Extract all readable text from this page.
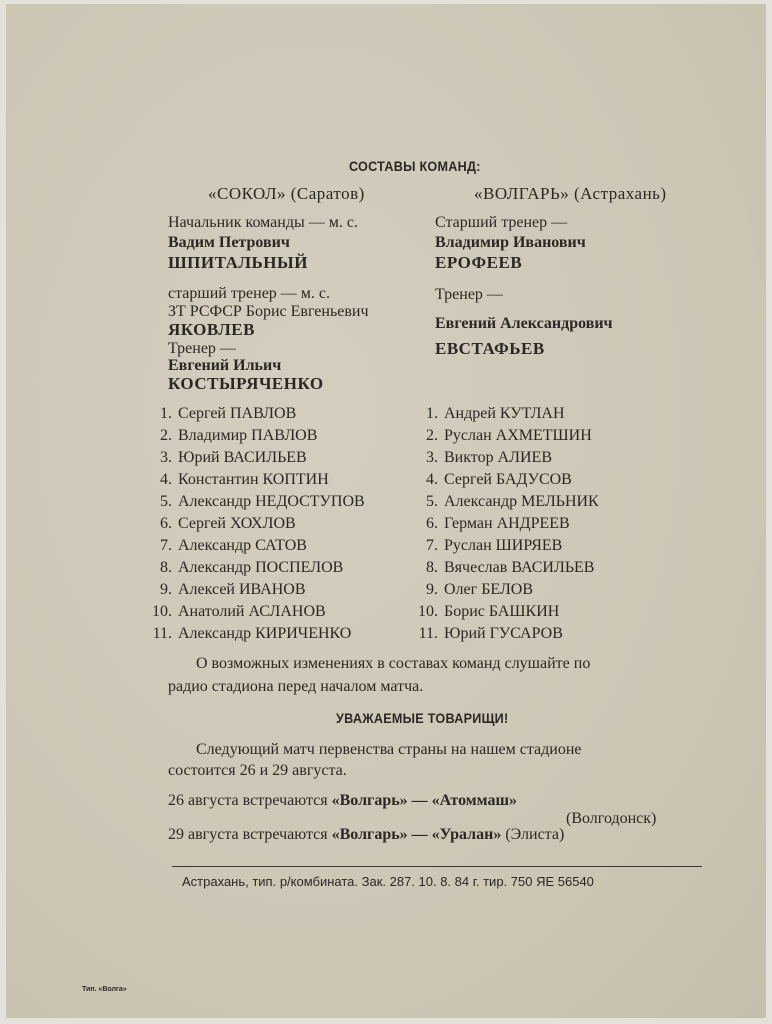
СОСТАВЫ КОМАНД:
«СОКОЛ» (Саратов)	«ВОЛГАРЬ» (Астрахань)
Начальник команды — м. с.
Вадим Петрович
ШПИТАЛЬНЫЙ
старший тренер — м. с.
ЗТ РСФСР Борис Евгеньевич
ЯКОВЛЕВ
Тренер —
Евгений Ильич
КОСТЫРЯЧЕНКО
Старший тренер —
Владимир Иванович
ЕРОФЕЕВ
Тренер —
Евгений Александрович
ЕВСТАФЬЕВ
1. Сергей ПАВЛОВ
2. Владимир ПАВЛОВ
3. Юрий ВАСИЛЬЕВ
4. Константин КОПТИН
5. Александр НЕДОСТУПОВ
6. Сергей ХОХЛОВ
7. Александр САТОВ
8. Александр ПОСПЕЛОВ
9. Алексей ИВАНОВ
10. Анатолий АСЛАНОВ
11. Александр КИРИЧЕНКО
1. Андрей КУТЛАН
2. Руслан АХМЕТШИН
3. Виктор АЛИЕВ
4. Сергей БАДУСОВ
5. Александр МЕЛЬНИК
6. Герман АНДРЕЕВ
7. Руслан ШИРЯЕВ
8. Вячеслав ВАСИЛЬЕВ
9. Олег БЕЛОВ
10. Борис БАШКИН
11. Юрий ГУСАРОВ
О возможных изменениях в составах команд слушайте по
радио стадиона перед началом матча.
УВАЖАЕМЫЕ ТОВАРИЩИ!
Следующий матч первенства страны на нашем стадионе
состоится 26 и 29 августа.
26 августа встречаются «Волгарь» — «Атоммаш»
(Волгодонск)
29 августа встречаются «Волгарь» — «Уралан» (Элиста)
Астрахань, тип. р/комбината. Зак. 287. 10. 8. 84 г. тир. 750 ЯЕ 56540
Тип. «Волга»
